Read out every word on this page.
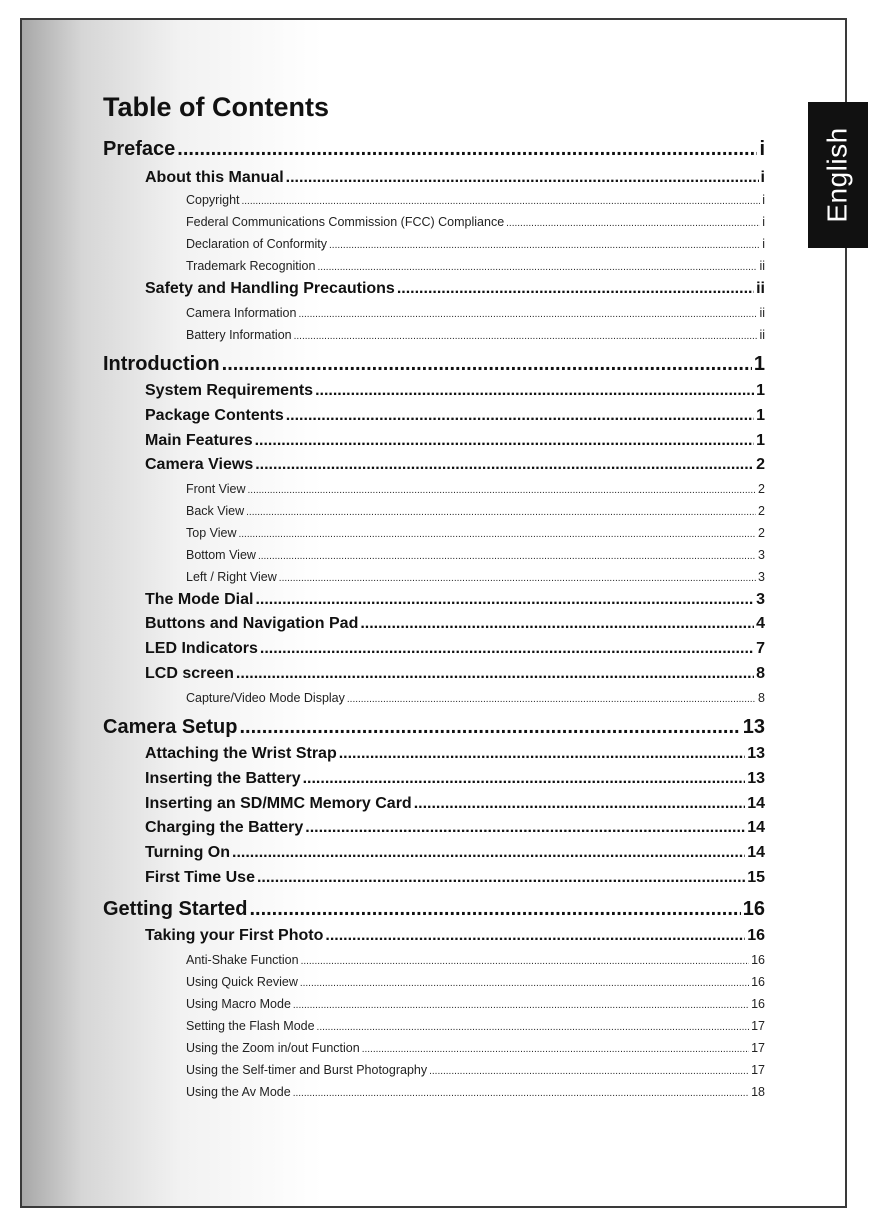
English
Table of Contents
Preface .....	i
About this Manual .....	i
Copyright .....	i
Federal Communications Commission (FCC) Compliance .....	i
Declaration of Conformity .....	i
Trademark Recognition .....	ii
Safety and Handling Precautions .....	ii
Camera Information .....	ii
Battery Information .....	ii
Introduction .....	1
System Requirements .....	1
Package Contents .....	1
Main Features .....	1
Camera Views .....	2
Front View .....	2
Back View .....	2
Top View .....	2
Bottom View .....	3
Left / Right View .....	3
The Mode Dial .....	3
Buttons and Navigation Pad .....	4
LED Indicators .....	7
LCD screen .....	8
Capture/Video Mode Display .....	8
Camera Setup .....	13
Attaching the Wrist Strap .....	13
Inserting the Battery .....	13
Inserting an SD/MMC Memory Card .....	14
Charging the Battery .....	14
Turning On .....	14
First Time Use .....	15
Getting Started .....	16
Taking your First Photo .....	16
Anti-Shake Function .....	16
Using Quick Review .....	16
Using Macro Mode .....	16
Setting the Flash Mode .....	17
Using the Zoom in/out Function .....	17
Using the Self-timer and Burst Photography .....	17
Using the Av Mode .....	18
